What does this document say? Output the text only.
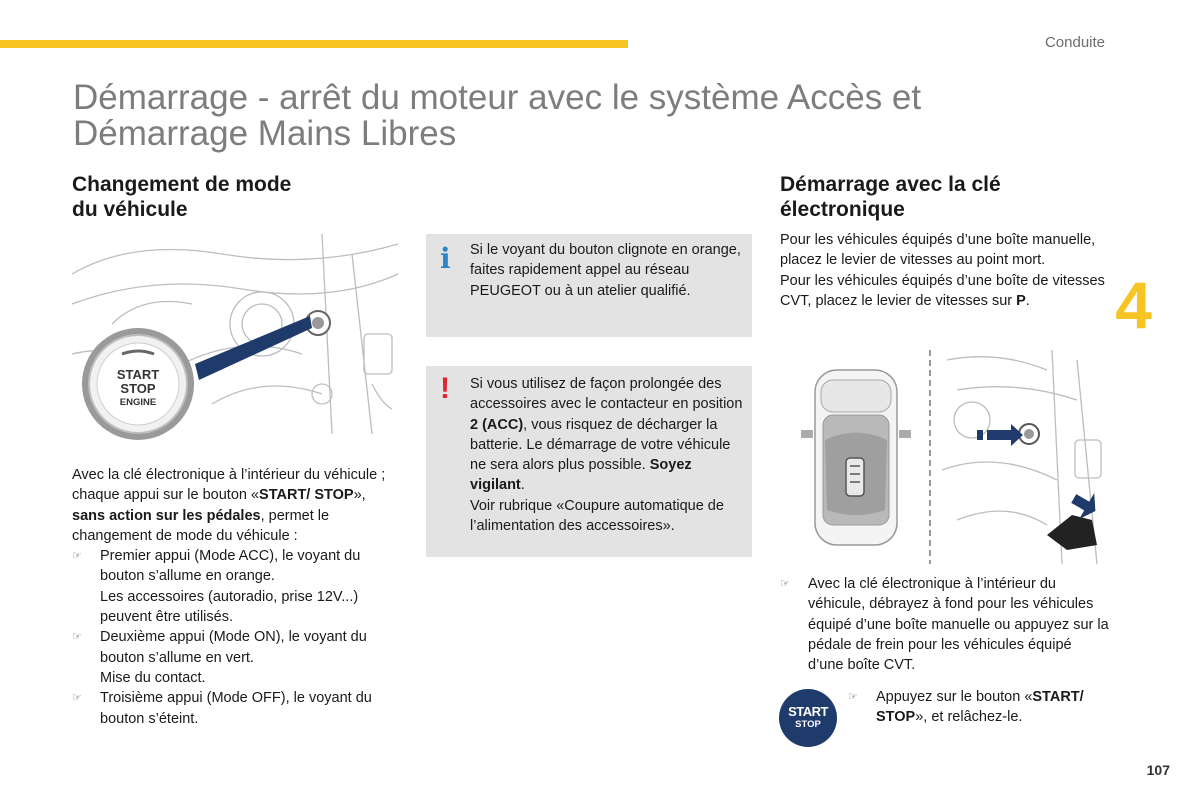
Conduite
Démarrage - arrêt du moteur avec le système Accès et Démarrage Mains Libres
4
Changement de mode
du véhicule
START
STOP
ENGINE

Avec la clé électronique à l’intérieur du véhicule ; chaque appui sur le bouton «START/ STOP», sans action sur les pédales, permet le changement de mode du véhicule :

☞ Premier appui (Mode ACC), le voyant du bouton s’allume en orange.
Les accessoires (autoradio, prise 12V...) peuvent être utilisés.
☞ Deuxième appui (Mode ON), le voyant du bouton s’allume en vert.
Mise du contact.
☞ Troisième appui (Mode OFF), le voyant du bouton s’éteint.
i Si le voyant du bouton clignote en orange, faites rapidement appel au réseau PEUGEOT ou à un atelier qualifié.
! Si vous utilisez de façon prolongée des accessoires avec le contacteur en position 2 (ACC), vous risquez de décharger la batterie. Le démarrage de votre véhicule ne sera alors plus possible. Soyez vigilant.
Voir rubrique «Coupure automatique de l’alimentation des accessoires».
Démarrage avec la clé
électronique

Pour les véhicules équipés d’une boîte manuelle, placez le levier de vitesses au point mort.

Pour les véhicules équipés d’une boîte de vitesses CVT, placez le levier de vitesses sur P.

☞ Avec la clé électronique à l’intérieur du véhicule, débrayez à fond pour les véhicules équipé d’une boîte manuelle ou appuyez sur la pédale de frein pour les véhicules équipé d’une boîte CVT.
START
STOP
☞ Appuyez sur le bouton «START/ STOP», et relâchez-le.
107
